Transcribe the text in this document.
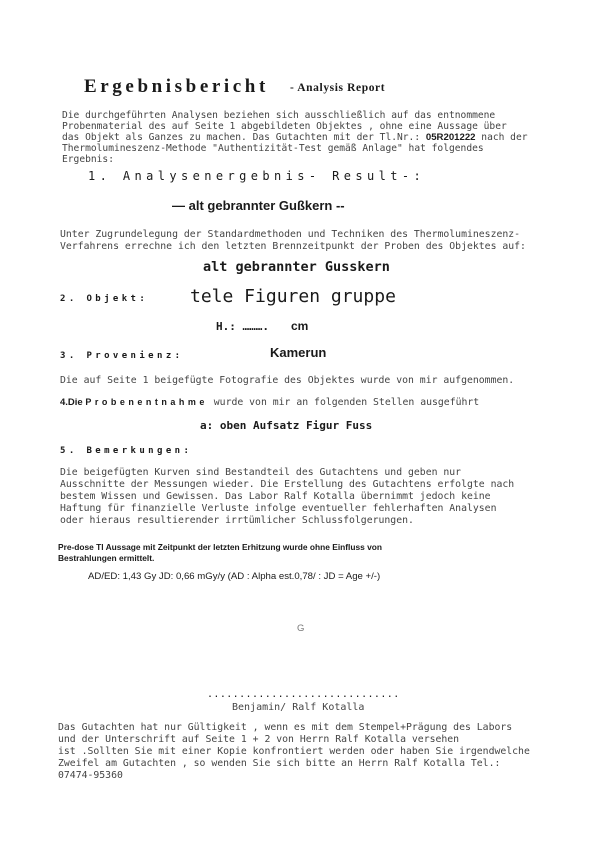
Ergebnisbericht - Analysis Report
Die durchgeführten Analysen beziehen sich ausschließlich auf das entnommene
Probenmaterial des auf Seite 1 abgebildeten Objektes , ohne eine Aussage über
das Objekt als Ganzes zu machen. Das Gutachten mit der Tl.Nr.: 05R201222 nach der
Thermolumineszenz-Methode "Authentizität-Test gemäß Anlage" hat folgendes
Ergebnis:
1. Analysenergebnis- Result-:
— alt gebrannter Gußkern --
Unter Zugrundelegung der Standardmethoden und Techniken des Thermolumineszenz-
Verfahrens errechne ich den letzten Brennzeitpunkt der Proben des Objektes auf:
alt gebrannter Gusskern
2. Objekt: tele Figuren gruppe
H.: ………. cm
3. Provenienz:	Kamerun
Die auf Seite 1 beigefügte Fotografie des Objektes wurde von mir aufgenommen.
4.Die Probenentnahme wurde von mir an folgenden Stellen ausgeführt
a: oben Aufsatz Figur Fuss
5. Bemerkungen:
Die beigefügten Kurven sind Bestandteil des Gutachtens und geben nur
Ausschnitte der Messungen wieder. Die Erstellung des Gutachtens erfolgte nach
bestem Wissen und Gewissen. Das Labor Ralf Kotalla übernimmt jedoch keine
Haftung für finanzielle Verluste infolge eventueller fehlerhaften Analysen
oder hieraus resultierender irrtümlicher Schlussfolgerungen.
Pre-dose Tl Aussage mit Zeitpunkt der letzten Erhitzung wurde ohne Einfluss von
Bestrahlungen ermittelt.
AD/ED: 1,43 Gy JD: 0,66 mGy/y (AD : Alpha est.0,78/ : JD = Age +/-)
G
..............................
Benjamin/ Ralf Kotalla
Das Gutachten hat nur Gültigkeit , wenn es mit dem Stempel+Prägung des Labors
und der Unterschrift auf Seite 1 + 2 von Herrn Ralf Kotalla versehen
ist .Sollten Sie mit einer Kopie konfrontiert werden oder haben Sie irgendwelche
Zweifel am Gutachten , so wenden Sie sich bitte an Herrn Ralf Kotalla Tel.:
07474-95360
